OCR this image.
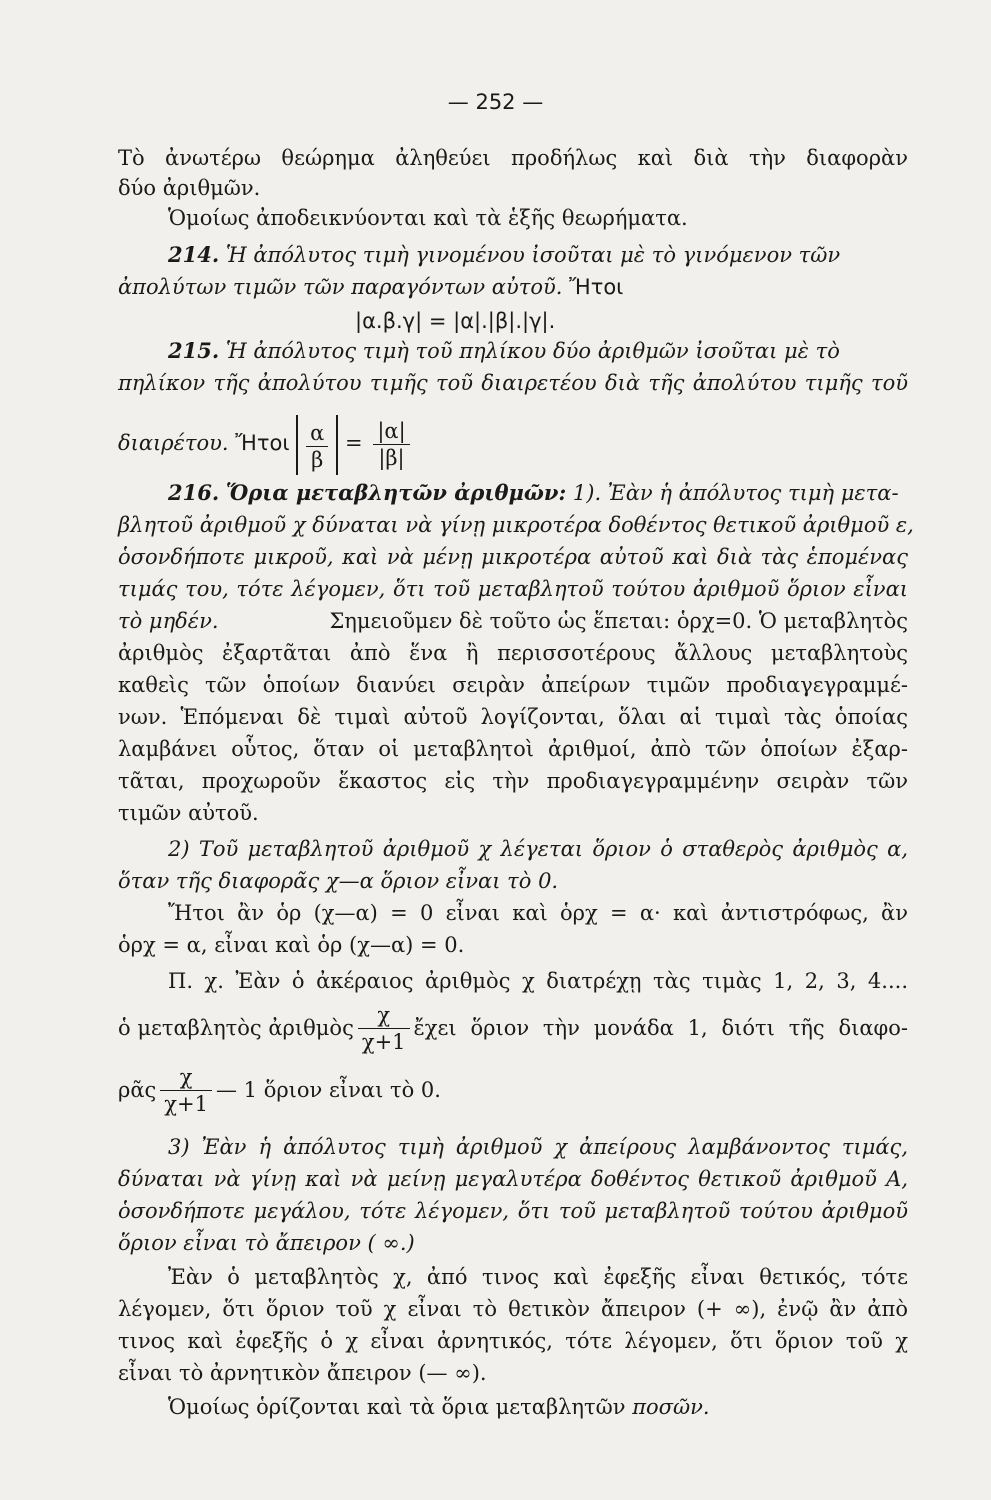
— 252 —
Τὸ ἀνωτέρω θεώρημα ἀληθεύει προδήλως καὶ διὰ τὴν διαφορὰν
δύο ἀριθμῶν.
Ὁμοίως ἀποδεικνύονται καὶ τὰ ἑξῆς θεωρήματα.
214. Ἡ ἀπόλυτος τιμὴ γινομένου ἰσοῦται μὲ τὸ γινόμενον τῶν
ἀπολύτων τιμῶν τῶν παραγόντων αὐτοῦ. Ἤτοι
|α.β.γ| = |α|.|β|.|γ|.
215. Ἡ ἀπόλυτος τιμὴ τοῦ πηλίκου δύο ἀριθμῶν ἰσοῦται μὲ τὸ
πηλίκον τῆς ἀπολύτου τιμῆς τοῦ διαιρετέου διὰ τῆς ἀπολύτου τιμῆς τοῦ
διαιρέτου. Ἤτοι $\frac{\alpha}{\beta} = \frac{|\alpha|}{|\beta|}$
216. Ὅρια μεταβλητῶν ἀριθμῶν: 1). Ἐὰν ἡ ἀπόλυτος τιμὴ μετα-
βλητοῦ ἀριθμοῦ χ δύναται νὰ γίνῃ μικροτέρα δοθέντος θετικοῦ ἀριθμοῦ ε,
ὁσονδήποτε μικροῦ, καὶ νὰ μένῃ μικροτέρα αὐτοῦ καὶ διὰ τὰς ἑπομένας
τιμάς του, τότε λέγομεν, ὅτι τοῦ μεταβλητοῦ τούτου ἀριθμοῦ ὅριον εἶναι
τὸ μηδέν.	Σημειοῦμεν δὲ τοῦτο ὡς ἕπεται: ὁρχ=0. Ὁ μεταβλητὸς
ἀριθμὸς ἐξαρτᾶται ἀπὸ ἕνα ἢ περισσοτέρους ἄλλους μεταβλητοὺς
καθεὶς τῶν ὁποίων διανύει σειρὰν ἀπείρων τιμῶν προδιαγεγραμμέ-
νων. Ἑπόμεναι δὲ τιμαὶ αὐτοῦ λογίζονται, ὅλαι αἱ τιμαὶ τὰς ὁποίας
λαμβάνει οὗτος, ὅταν οἱ μεταβλητοὶ ἀριθμοί, ἀπὸ τῶν ὁποίων ἐξαρ-
τᾶται, προχωροῦν ἕκαστος εἰς τὴν προδιαγεγραμμένην σειρὰν τῶν
τιμῶν αὐτοῦ.
2) Τοῦ μεταβλητοῦ ἀριθμοῦ χ λέγεται ὅριον ὁ σταθερὸς ἀριθμὸς α,
ὅταν τῆς διαφορᾶς χ—α ὅριον εἶναι τὸ 0.
Ἤτοι ἂν ὁρ (χ—α) = 0 εἶναι καὶ ὁρχ = α· καὶ ἀντιστρόφως, ἂν
ὁρχ = α, εἶναι καὶ ὁρ (χ—α) = 0.
Π. χ. Ἐὰν ὁ ἀκέραιος ἀριθμὸς χ διατρέχῃ τὰς τιμὰς 1, 2, 3, 4....
ὁ μεταβλητὸς ἀριθμὸς $\frac{\chi}{\chi+1}$ ἔχει ὅριον τὴν μονάδα 1, διότι τῆς διαφο-
ρᾶς $\frac{\chi}{\chi+1}$ — 1 ὅριον εἶναι τὸ 0.
3) Ἐὰν ἡ ἀπόλυτος τιμὴ ἀριθμοῦ χ ἀπείρους λαμβάνοντος τιμάς,
δύναται νὰ γίνῃ καὶ νὰ μείνῃ μεγαλυτέρα δοθέντος θετικοῦ ἀριθμοῦ Α,
ὁσονδήποτε μεγάλου, τότε λέγομεν, ὅτι τοῦ μεταβλητοῦ τούτου ἀριθμοῦ
ὅριον εἶναι τὸ ἄπειρον ( ∞.)
Ἐὰν ὁ μεταβλητὸς χ, ἀπό τινος καὶ ἐφεξῆς εἶναι θετικός, τότε
λέγομεν, ὅτι ὅριον τοῦ χ εἶναι τὸ θετικὸν ἄπειρον (+ ∞), ἐνῷ ἂν ἀπὸ
τινος καὶ ἐφεξῆς ὁ χ εἶναι ἀρνητικός, τότε λέγομεν, ὅτι ὅριον τοῦ χ
εἶναι τὸ ἀρνητικὸν ἄπειρον (— ∞).
Ὁμοίως ὁρίζονται καὶ τὰ ὅρια μεταβλητῶν ποσῶν.
